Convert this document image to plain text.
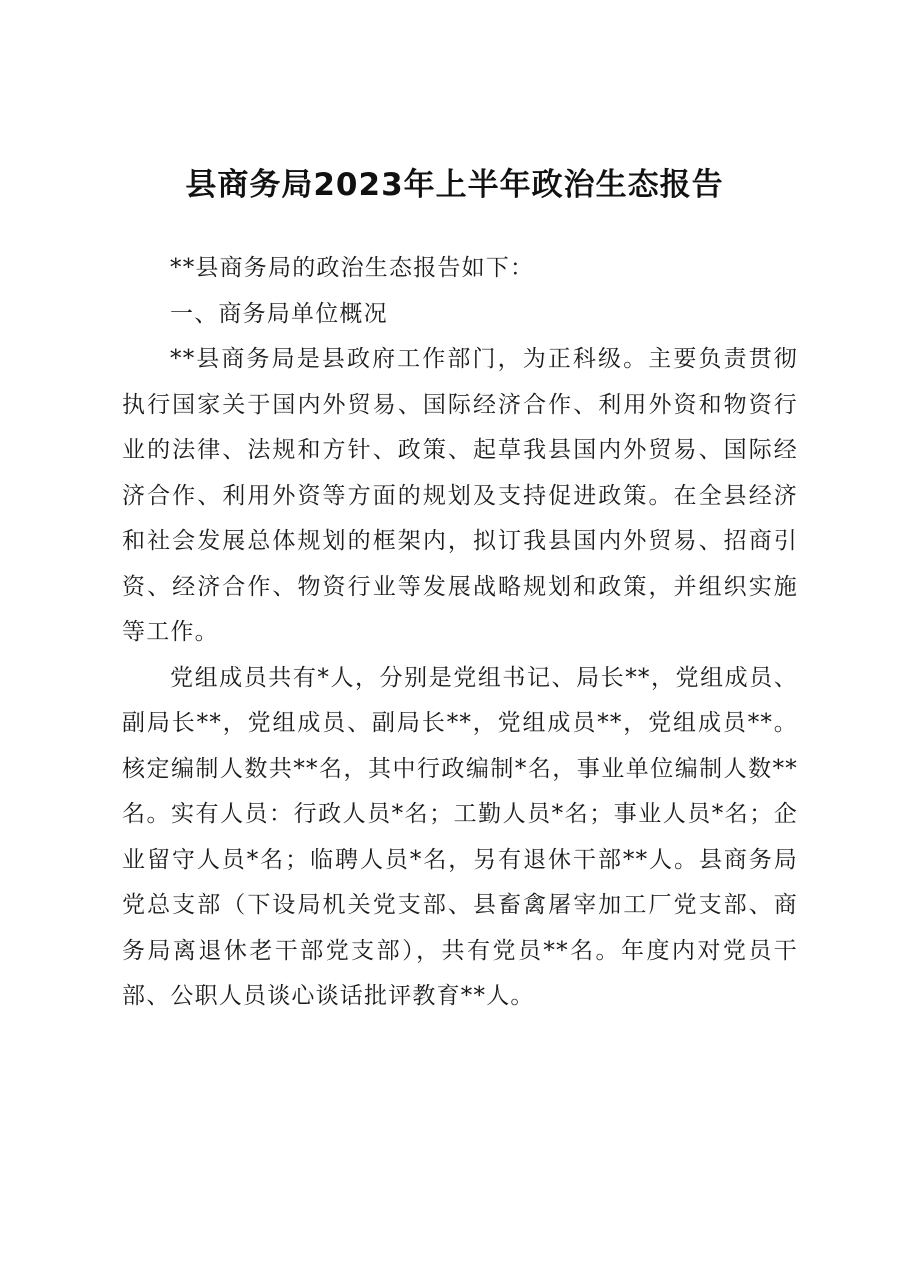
县商务局2023年上半年政治生态报告

**县商务局的政治生态报告如下：

一、商务局单位概况

**县商务局是县政府工作部门，为正科级。主要负责贯彻执行国家关于国内外贸易、国际经济合作、利用外资和物资行业的法律、法规和方针、政策、起草我县国内外贸易、国际经济合作、利用外资等方面的规划及支持促进政策。在全县经济和社会发展总体规划的框架内，拟订我县国内外贸易、招商引资、经济合作、物资行业等发展战略规划和政策，并组织实施等工作。

党组成员共有*人，分别是党组书记、局长**，党组成员、副局长**，党组成员、副局长**，党组成员**，党组成员**。核定编制人数共**名，其中行政编制*名，事业单位编制人数**名。实有人员：行政人员*名；工勤人员*名；事业人员*名；企业留守人员*名；临聘人员*名，另有退休干部**人。县商务局党总支部（下设局机关党支部、县畜禽屠宰加工厂党支部、商务局离退休老干部党支部），共有党员**名。年度内对党员干部、公职人员谈心谈话批评教育**人。
